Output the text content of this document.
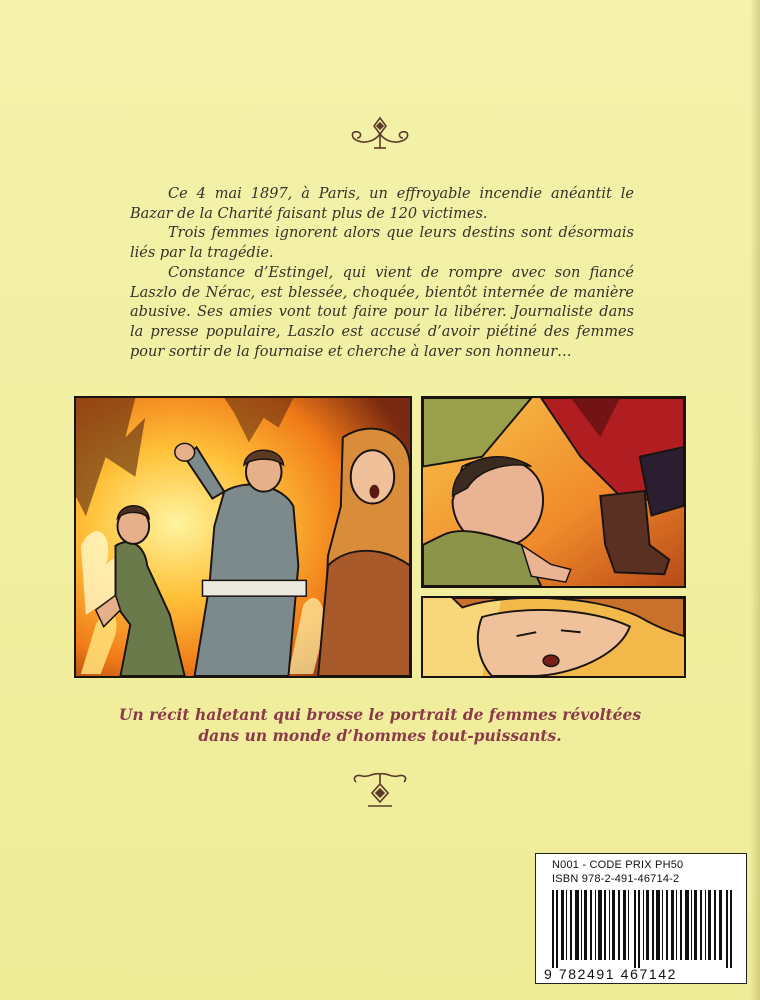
Ce 4 mai 1897, à Paris, un effroyable incendie anéantit le Bazar de la Charité faisant plus de 120 victimes.

Trois femmes ignorent alors que leurs destins sont désormais liés par la tragédie.

Constance d’Estingel, qui vient de rompre avec son fiancé Laszlo de Nérac, est blessée, choquée, bientôt internée de manière abusive. Ses amies vont tout faire pour la libérer. Journaliste dans la presse populaire, Laszlo est accusé d’avoir piétiné des femmes pour sortir de la fournaise et cherche à laver son honneur…

Un récit haletant qui brosse le portrait de femmes révoltées
dans un monde d’hommes tout-puissants.
N001 - CODE PRIX PH50
ISBN 978-2-491-46714-2
9 782491 467142
